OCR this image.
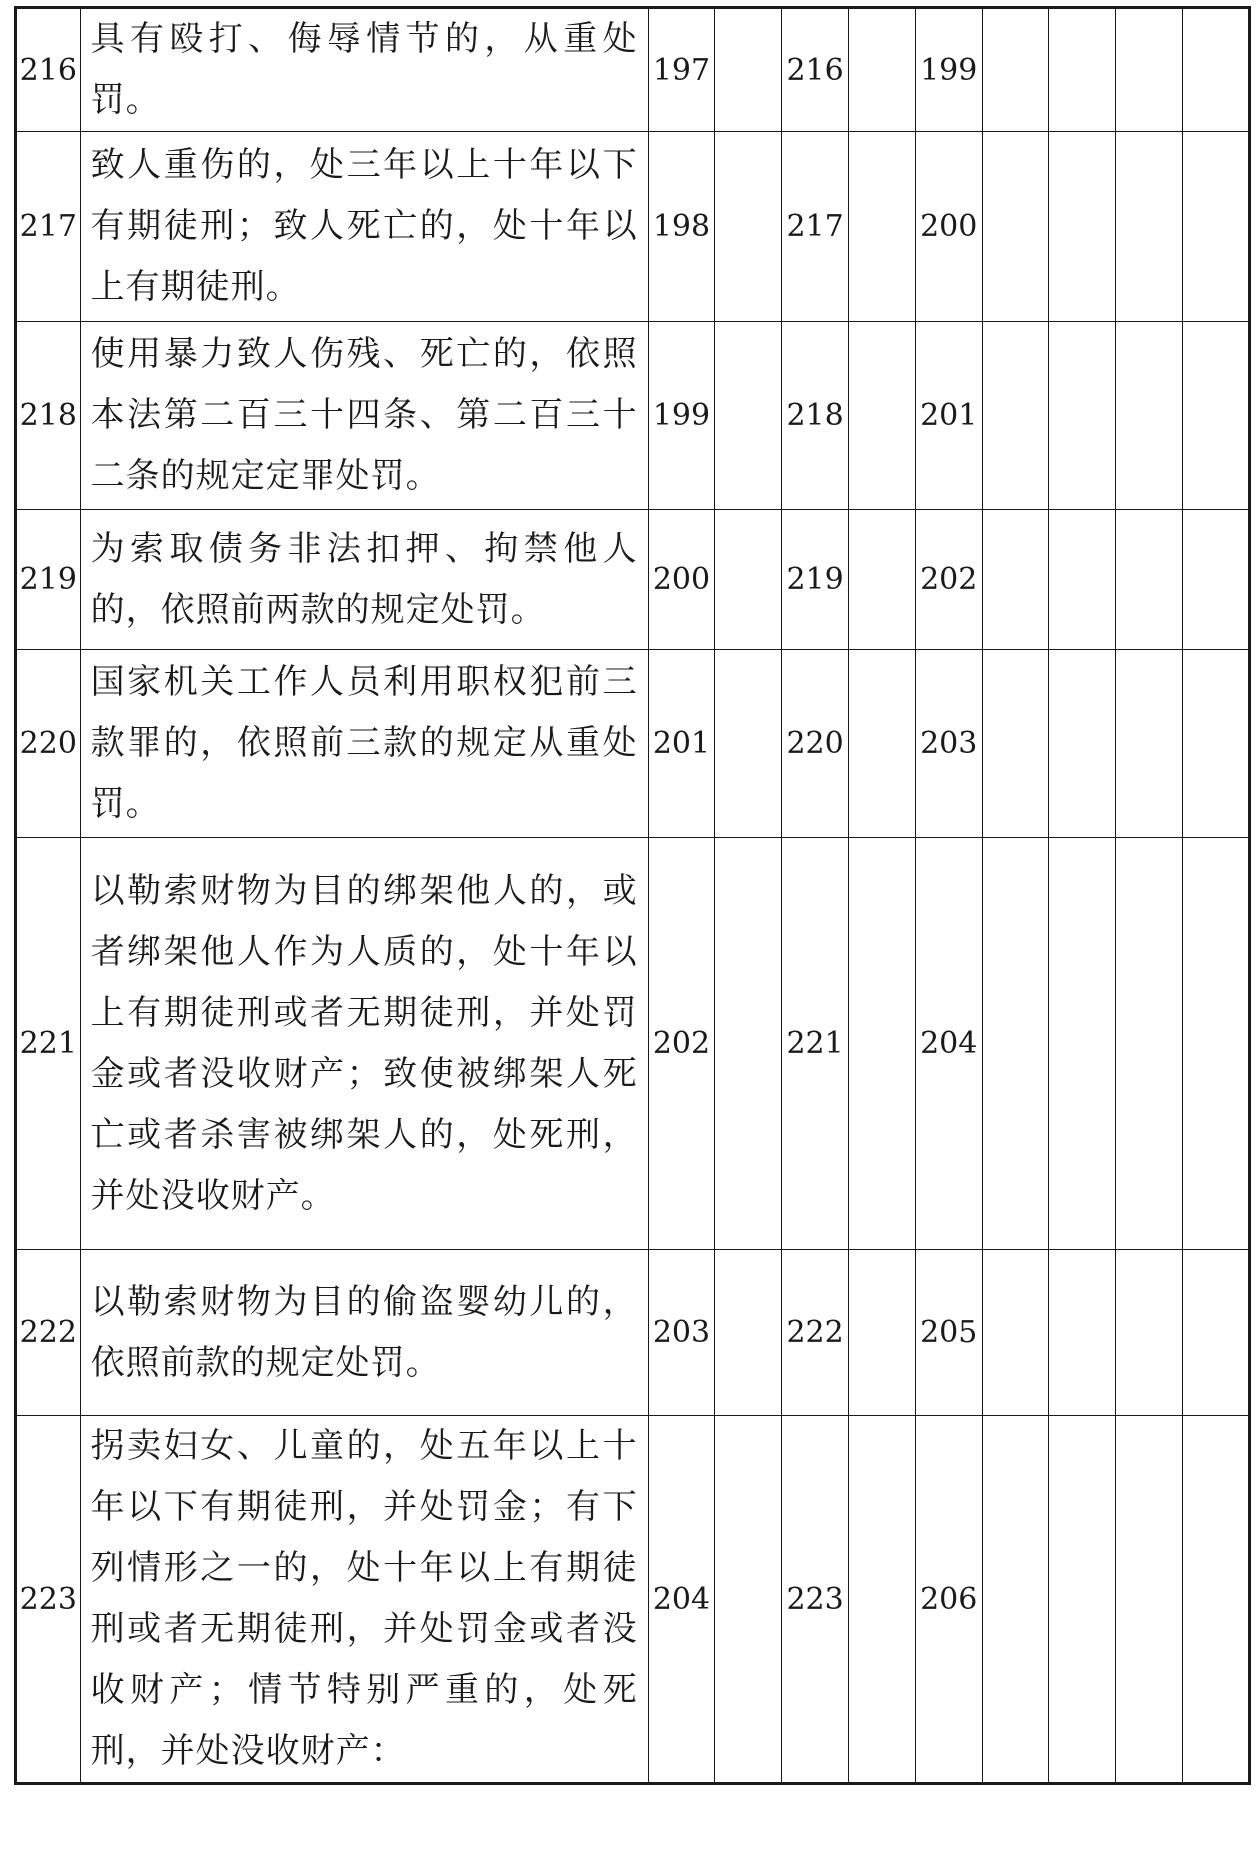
216	具有殴打、侮辱情节的，从重处罚。	197		216		199				
217	致人重伤的，处三年以上十年以下有期徒刑；致人死亡的，处十年以上有期徒刑。	198		217		200				
218	使用暴力致人伤残、死亡的，依照本法第二百三十四条、第二百三十二条的规定定罪处罚。	199		218		201				
219	为索取债务非法扣押、拘禁他人的，依照前两款的规定处罚。	200		219		202				
220	国家机关工作人员利用职权犯前三款罪的，依照前三款的规定从重处罚。	201		220		203				
221	以勒索财物为目的绑架他人的，或者绑架他人作为人质的，处十年以上有期徒刑或者无期徒刑，并处罚金或者没收财产；致使被绑架人死亡或者杀害被绑架人的，处死刑，并处没收财产。	202		221		204				
222	以勒索财物为目的偷盗婴幼儿的，依照前款的规定处罚。	203		222		205				
223	拐卖妇女、儿童的，处五年以上十年以下有期徒刑，并处罚金；有下列情形之一的，处十年以上有期徒刑或者无期徒刑，并处罚金或者没收财产；情节特别严重的，处死刑，并处没收财产：	204		223		206				
